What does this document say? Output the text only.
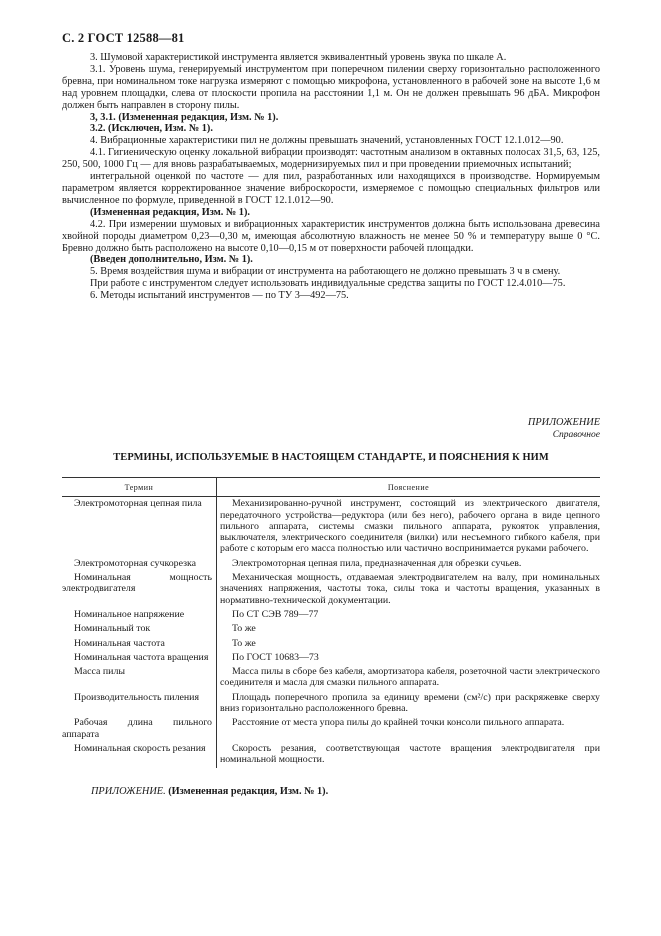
С. 2 ГОСТ 12588—81

3. Шумовой характеристикой инструмента является эквивалентный уровень звука по шкале А.

3.1. Уровень шума, генерируемый инструментом при поперечном пилении сверху горизонтально расположенного бревна, при номинальном токе нагрузка измеряют с помощью микрофона, установленного в рабочей зоне на высоте 1,6 м над уровнем площадки, слева от плоскости пропила на расстоянии 1,1 м. Он не должен превышать 96 дБА. Микрофон должен быть направлен в сторону пилы.

3, 3.1. (Измененная редакция, Изм. № 1).

3.2. (Исключен, Изм. № 1).

4. Вибрационные характеристики пил не должны превышать значений, установленных ГОСТ 12.1.012—90.

4.1. Гигиеническую оценку локальной вибрации производят: частотным анализом в октавных полосах 31,5, 63, 125, 250, 500, 1000 Гц — для вновь разрабатываемых, модернизируемых пил и при проведении приемочных испытаний;

интегральной оценкой по частоте — для пил, разработанных или находящихся в производстве. Нормируемым параметром является корректированное значение виброскорости, измеряемое с помощью специальных фильтров или вычисленное по формуле, приведенной в ГОСТ 12.1.012—90.

(Измененная редакция, Изм. № 1).

4.2. При измерении шумовых и вибрационных характеристик инструментов должна быть использована древесина хвойной породы диаметром 0,23—0,30 м, имеющая абсолютную влажность не менее 50 % и температуру выше 0 °С. Бревно должно быть расположено на высоте 0,10—0,15 м от поверхности рабочей площадки.

(Введен дополнительно, Изм. № 1).

5. Время воздействия шума и вибрации от инструмента на работающего не должно превышать 3 ч в смену.

При работе с инструментом следует использовать индивидуальные средства защиты по ГОСТ 12.4.010—75.

6. Методы испытаний инструментов — по ТУ 3—492—75.

ПРИЛОЖЕНИЕ
Справочное
ТЕРМИНЫ, ИСПОЛЬЗУЕМЫЕ В НАСТОЯЩЕМ СТАНДАРТЕ, И ПОЯСНЕНИЯ К НИМ
Термин	Пояснение

Электромоторная цепная пила	Механизированно-ручной инструмент, состоящий из электрического двигателя, передаточного устройства—редуктора (или без него), рабочего органа в виде цепного пильного аппарата, системы смазки пильного аппарата, рукояток управления, выключателя, электрического соединителя (вилки) или несъемного гибкого кабеля, при работе с которым его масса полностью или частично воспринимается руками рабочего.

Электромоторная сучкорезка	Электромоторная цепная пила, предназначенная для обрезки сучьев.

Номинальная мощность электродвигателя	Механическая мощность, отдаваемая электродвигателем на валу, при номинальных значениях напряжения, частоты тока, силы тока и частоты вращения, указанных в нормативно-технической документации.

Номинальное напряжение	По СТ СЭВ 789—77

Номинальный ток	То же

Номинальная частота	То же

Номинальная частота вращения	По ГОСТ 10683—73

Масса пилы	Масса пилы в сборе без кабеля, амортизатора кабеля, розеточной части электрического соединителя и масла для смазки пильного аппарата.

Производительность пиления	Площадь поперечного пропила за единицу времени (см²/с) при раскряжевке сверху вниз горизонтально расположенного бревна.

Рабочая длина пильного аппарата	Расстояние от места упора пилы до крайней точки консоли пильного аппарата.

Номинальная скорость резания	Скорость резания, соответствующая частоте вращения электродвигателя при номинальной мощности.
ПРИЛОЖЕНИЕ. (Измененная редакция, Изм. № 1).
